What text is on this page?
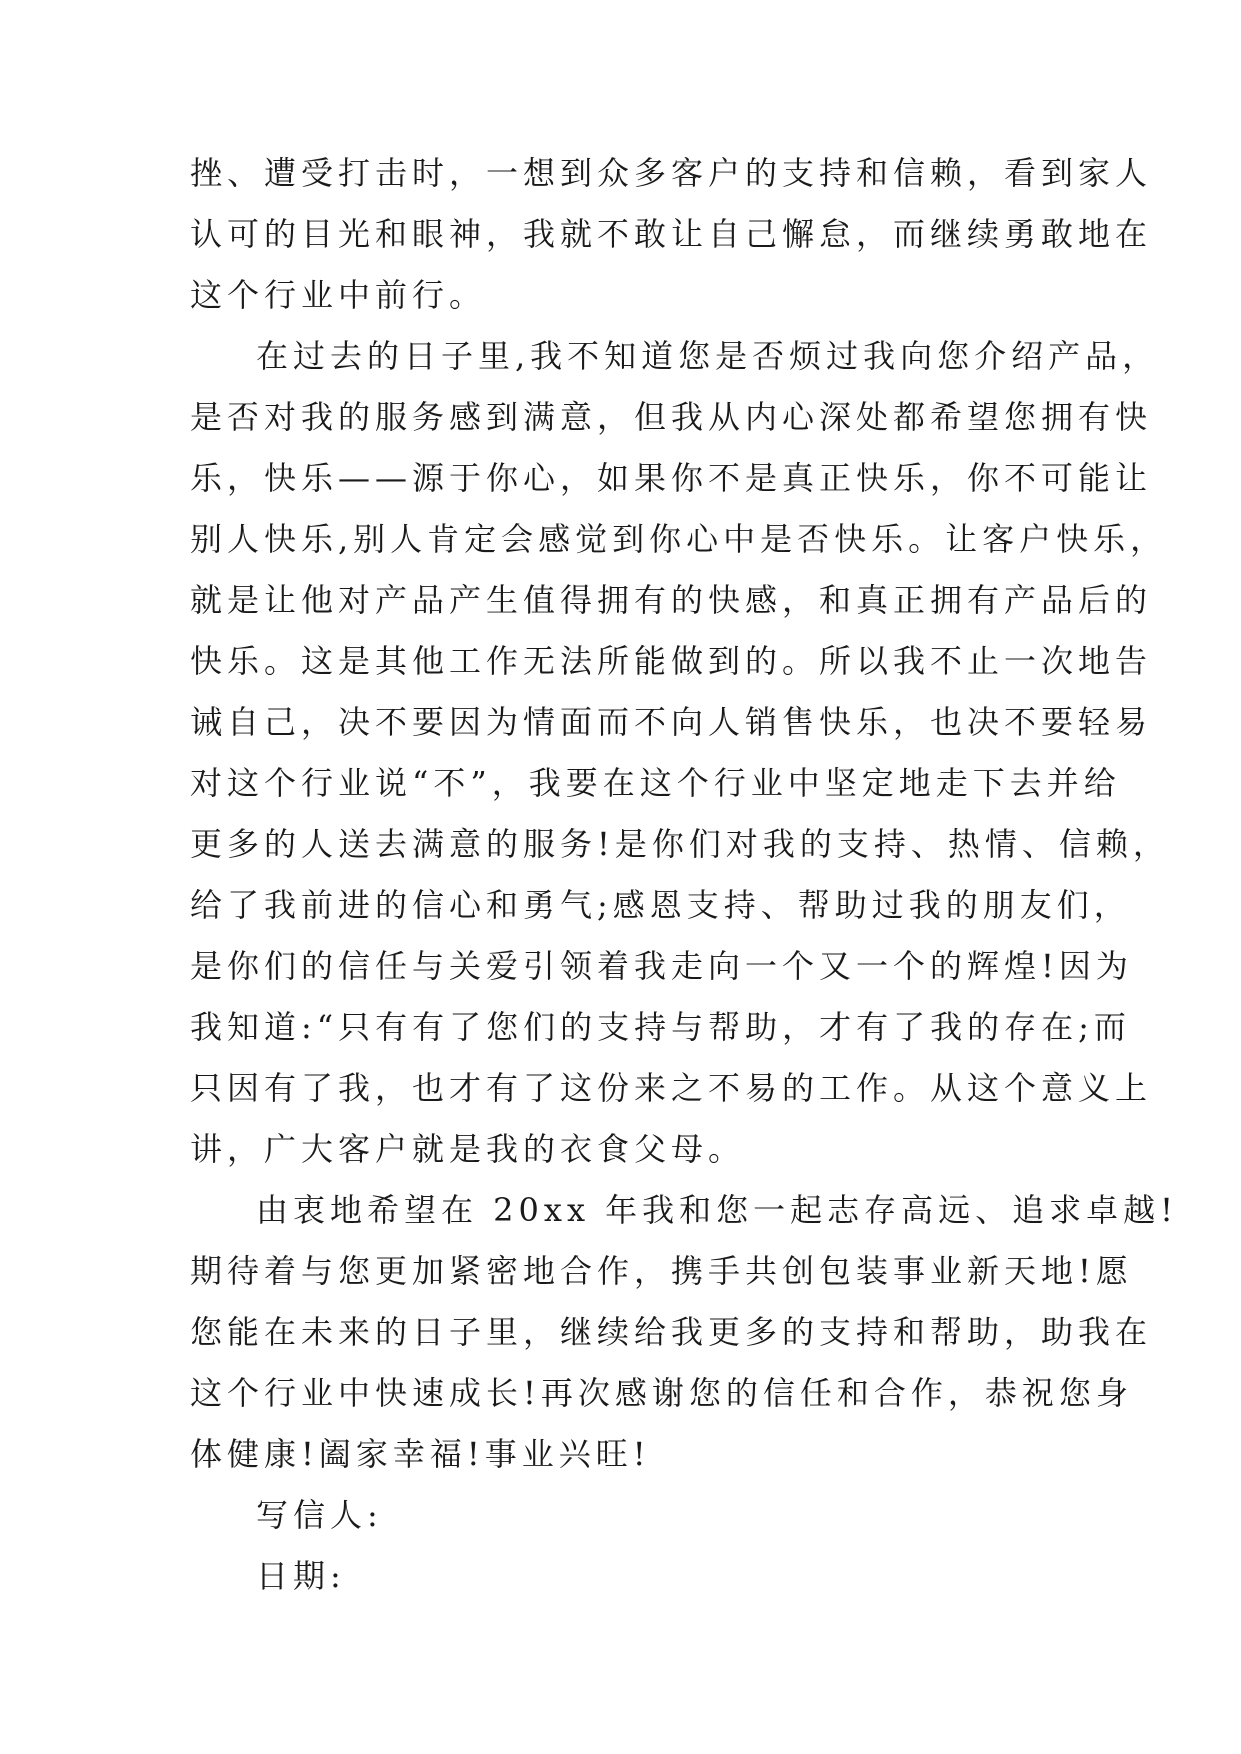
挫、遭受打击时，一想到众多客户的支持和信赖，看到家人
认可的目光和眼神，我就不敢让自己懈怠，而继续勇敢地在
这个行业中前行。
在过去的日子里,我不知道您是否烦过我向您介绍产品，
是否对我的服务感到满意，但我从内心深处都希望您拥有快
乐，快乐——源于你心，如果你不是真正快乐，你不可能让
别人快乐,别人肯定会感觉到你心中是否快乐。让客户快乐，
就是让他对产品产生值得拥有的快感，和真正拥有产品后的
快乐。这是其他工作无法所能做到的。所以我不止一次地告
诫自己，决不要因为情面而不向人销售快乐，也决不要轻易
对这个行业说“不”，我要在这个行业中坚定地走下去并给
更多的人送去满意的服务!是你们对我的支持、热情、信赖，
给了我前进的信心和勇气;感恩支持、帮助过我的朋友们，
是你们的信任与关爱引领着我走向一个又一个的辉煌!因为
我知道:“只有有了您们的支持与帮助，才有了我的存在;而
只因有了我，也才有了这份来之不易的工作。从这个意义上
讲，广大客户就是我的衣食父母。
由衷地希望在 20xx 年我和您一起志存高远、追求卓越!
期待着与您更加紧密地合作，携手共创包装事业新天地!愿
您能在未来的日子里，继续给我更多的支持和帮助，助我在
这个行业中快速成长!再次感谢您的信任和合作，恭祝您身
体健康!阖家幸福!事业兴旺!
写信人:
日期:
